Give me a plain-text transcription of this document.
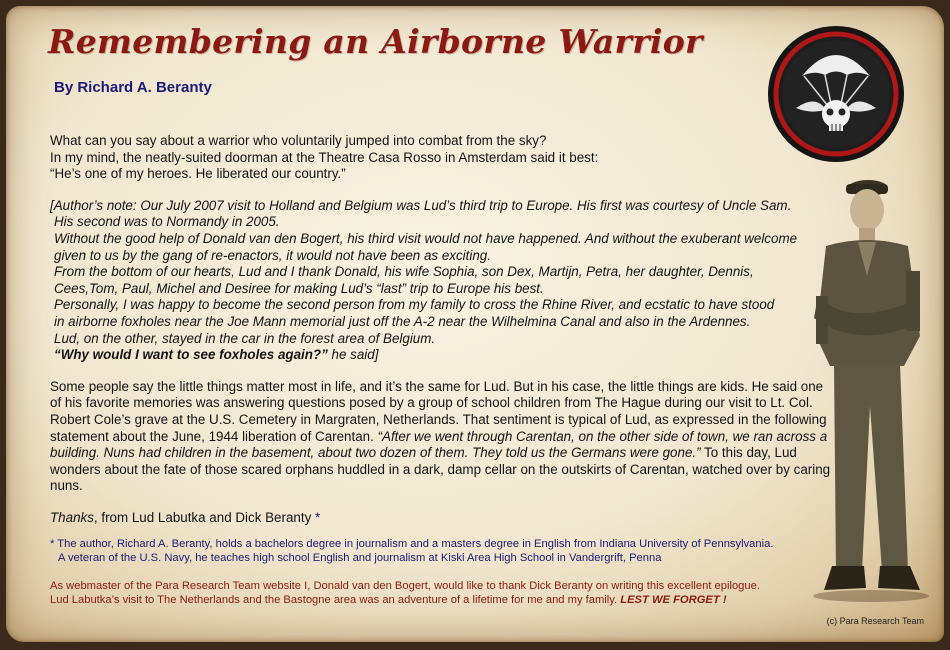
Remembering an Airborne Warrior
By Richard A. Beranty

What can you say about a warrior who voluntarily jumped into combat from the sky?

In my mind, the neatly-suited doorman at the Theatre Casa Rosso in Amsterdam said it best:

“He’s one of my heroes. He liberated our country.”

[Author’s note: Our July 2007 visit to Holland and Belgium was Lud’s third trip to Europe. His first was courtesy of Uncle Sam.

His second was to Normandy in 2005.

Without the good help of Donald van den Bogert, his third visit would not have happened. And without the exuberant welcome

given to us by the gang of re-enactors, it would not have been as exciting.

From the bottom of our hearts, Lud and I thank Donald, his wife Sophia, son Dex, Martijn, Petra, her daughter, Dennis,

Cees,Tom, Paul, Michel and Desiree for making Lud’s “last” trip to Europe his best.

Personally, I was happy to become the second person from my family to cross the Rhine River, and ecstatic to have stood

in airborne foxholes near the Joe Mann memorial just off the A-2 near the Wilhelmina Canal and also in the Ardennes.

Lud, on the other, stayed in the car in the forest area of Belgium.

“Why would I want to see foxholes again?” he said]

Some people say the little things matter most in life, and it’s the same for Lud. But in his case, the little things are kids. He said one of his favorite memories was answering questions posed by a group of school children from The Hague during our visit to Lt. Col. Robert Cole’s grave at the U.S. Cemetery in Margraten, Netherlands. That sentiment is typical of Lud, as expressed in the following statement about the June, 1944 liberation of Carentan. “After we went through Carentan, on the other side of town, we ran across a building. Nuns had children in the basement, about two dozen of them. They told us the Germans were gone.” To this day, Lud wonders about the fate of those scared orphans huddled in a dark, damp cellar on the outskirts of Carentan, watched over by caring nuns.

Thanks, from Lud Labutka and Dick Beranty *

* The author, Richard A. Beranty, holds a bachelors degree in journalism and a masters degree in English from Indiana University of Pennsylvania.

A veteran of the U.S. Navy, he teaches high school English and journalism at Kiski Area High School in Vandergrift, Penna

As webmaster of the Para Research Team website I, Donald van den Bogert, would like to thank Dick Beranty on writing this excellent epilogue.

Lud Labutka’s visit to The Netherlands and the Bastogne area was an adventure of a lifetime for me and my family. LEST WE FORGET !

(c) Para Research Team
